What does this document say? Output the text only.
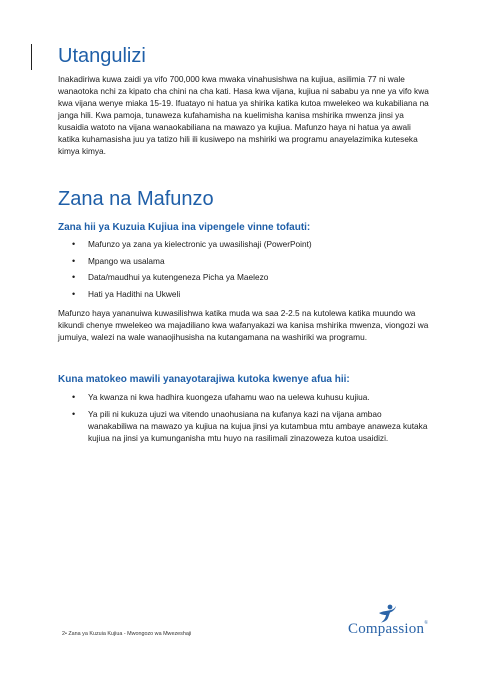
Utangulizi

Inakadiriwa kuwa zaidi ya vifo 700,000 kwa mwaka vinahusishwa na kujiua, asilimia 77 ni wale wanaotoka nchi za kipato cha chini na cha kati. Hasa kwa vijana, kujiua ni sababu ya nne ya vifo kwa kwa vijana wenye miaka 15-19. Ifuatayo ni hatua ya shirika katika kutoa mwelekeo wa kukabiliana na janga hili. Kwa pamoja, tunaweza kufahamisha na kuelimisha kanisa mshirika mwenza jinsi ya kusaidia watoto na vijana wanaokabiliana na mawazo ya kujiua. Mafunzo haya ni hatua ya awali katika kuhamasisha juu ya tatizo hili ili kusiwepo na mshiriki wa programu anayelazimika kuteseka kimya kimya.

Zana na Mafunzo
Zana hii ya Kuzuia Kujiua ina vipengele vinne tofauti:
• Mafunzo ya zana ya kielectronic ya uwasilishaji (PowerPoint)
• Mpango wa usalama
• Data/maudhui ya kutengeneza Picha ya Maelezo
• Hati ya Hadithi na Ukweli

Mafunzo haya yananuiwa kuwasilishwa katika muda wa saa 2-2.5 na kutolewa katika muundo wa kikundi chenye mwelekeo wa majadiliano kwa wafanyakazi wa kanisa mshirika mwenza, viongozi wa jumuiya, walezi na wale wanaojihusisha na kutangamana na washiriki wa programu.

Kuna matokeo mawili yanayotarajiwa kutoka kwenye afua hii:
• Ya kwanza ni kwa hadhira kuongeza ufahamu wao na uelewa kuhusu kujiua.
• Ya pili ni kukuza ujuzi wa vitendo unaohusiana na kufanya kazi na vijana ambao wanakabiliwa na mawazo ya kujiua na kujua jinsi ya kutambua mtu ambaye anaweza kutaka kujiua na jinsi ya kumunganisha mtu huyo na rasilimali zinazoweza kutoa usaidizi.
2• Zana ya Kuzuia Kujiua - Mwongozo wa Mwezeshaji	Compassion®
